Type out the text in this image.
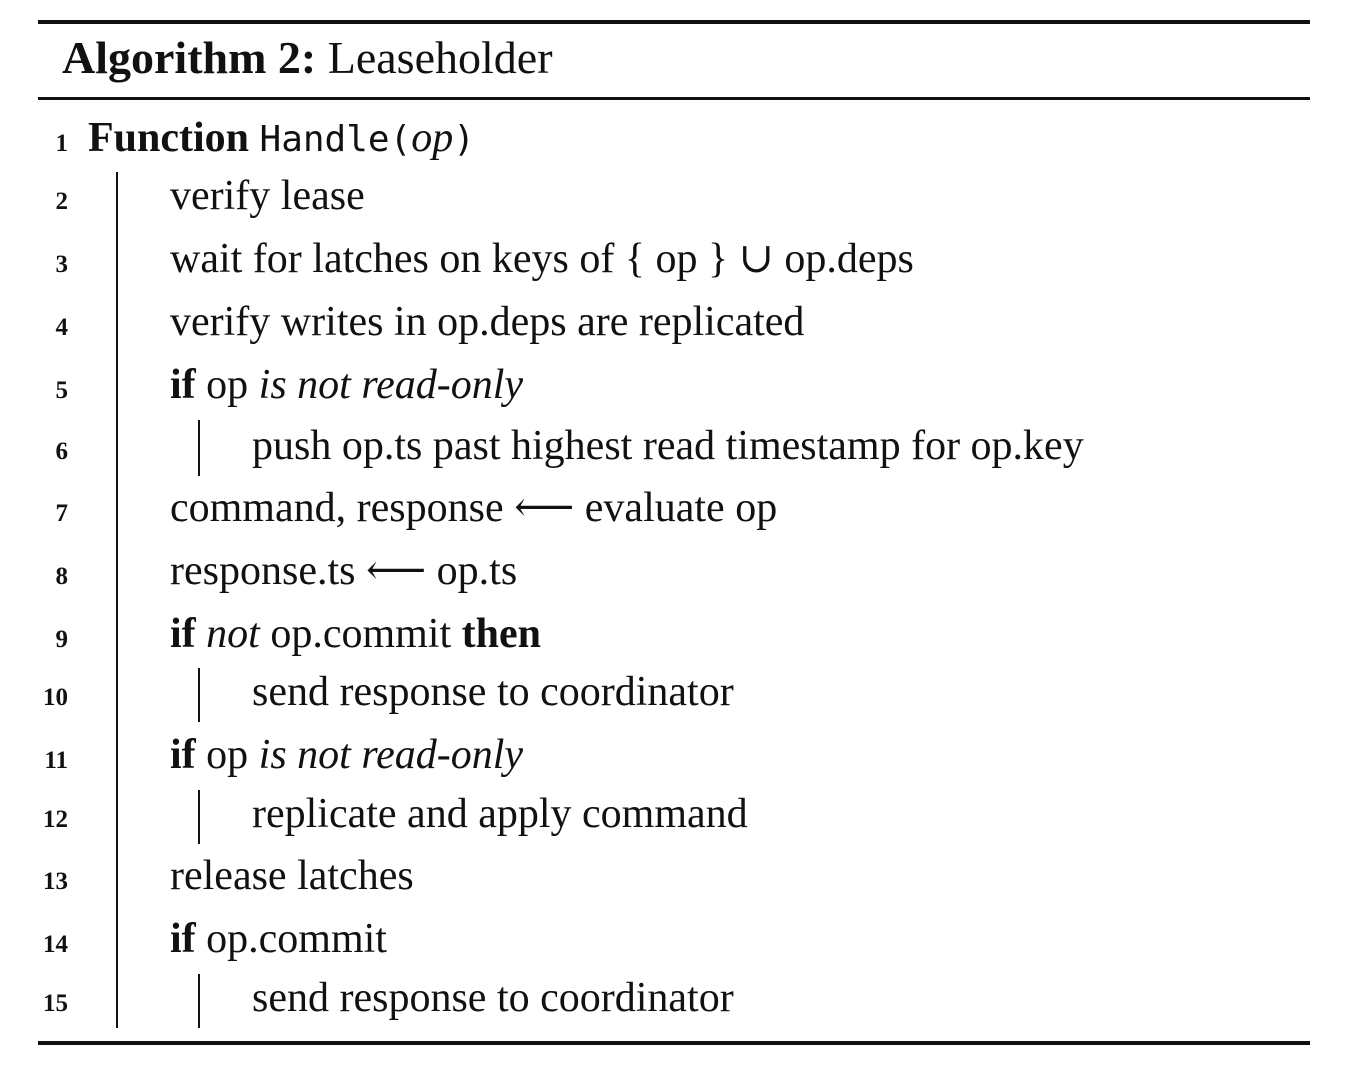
Algorithm 2: Leaseholder
1 Function Handle(op)
2 verify lease
3 wait for latches on keys of { op } ∪ op.deps
4 verify writes in op.deps are replicated
5 if op is not read-only
6	push op.ts past highest read timestamp for op.key
7 command, response ⟵ evaluate op
8 response.ts ⟵ op.ts
9 if not op.commit then
10	send response to coordinator
11 if op is not read-only
12	replicate and apply command
13 release latches
14 if op.commit
15	send response to coordinator
